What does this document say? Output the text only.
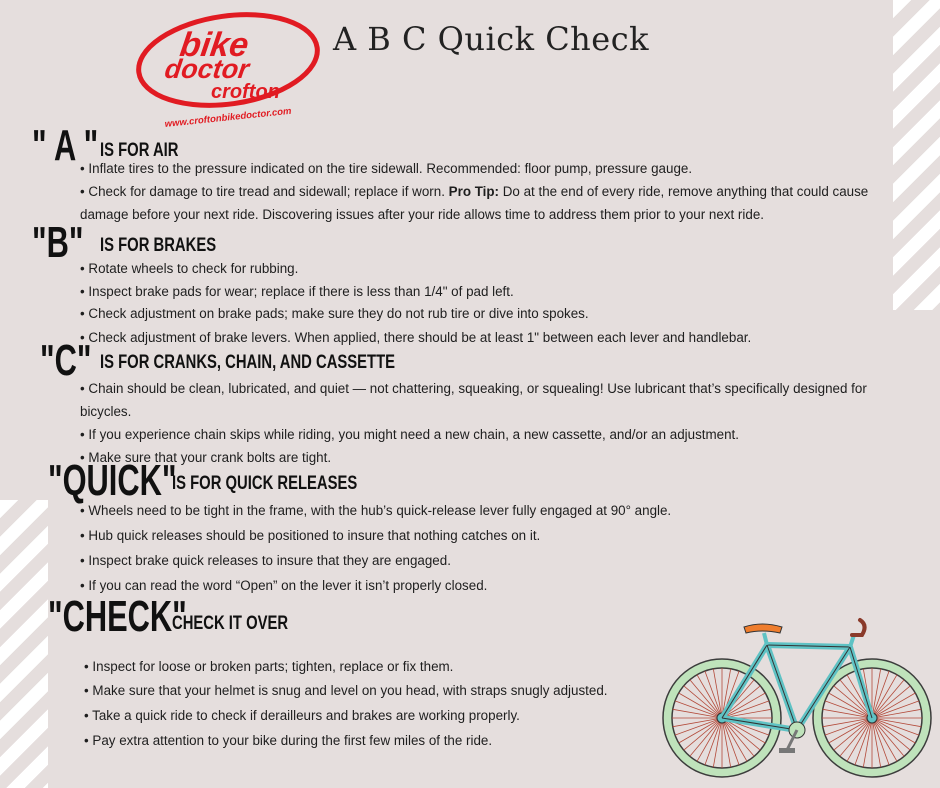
bike
doctor
crofton
www.croftonbikedoctor.com
A B C Quick Check
" A " IS FOR AIR
• Inflate tires to the pressure indicated on the tire sidewall. Recommended: floor pump, pressure gauge.
• Check for damage to tire tread and sidewall; replace if worn. Pro Tip: Do at the end of every ride, remove anything that could cause
damage before your next ride. Discovering issues after your ride allows time to address them prior to your next ride.
"B" IS FOR BRAKES
• Rotate wheels to check for rubbing.
• Inspect brake pads for wear; replace if there is less than 1/4" of pad left.
• Check adjustment on brake pads; make sure they do not rub tire or dive into spokes.
• Check adjustment of brake levers. When applied, there should be at least 1" between each lever and handlebar.
"C" IS FOR CRANKS, CHAIN, AND CASSETTE
• Chain should be clean, lubricated, and quiet — not chattering, squeaking, or squealing! Use lubricant that’s specifically designed for
bicycles.
• If you experience chain skips while riding, you might need a new chain, a new cassette, and/or an adjustment.
• Make sure that your crank bolts are tight.
"QUICK"
IS FOR QUICK RELEASES
• Wheels need to be tight in the frame, with the hub’s quick-release lever fully engaged at 90° angle.
• Hub quick releases should be positioned to insure that nothing catches on it.
• Inspect brake quick releases to insure that they are engaged.
• If you can read the word “Open” on the lever it isn’t properly closed.
"CHECK"
CHECK IT OVER
• Inspect for loose or broken parts; tighten, replace or fix them.
• Make sure that your helmet is snug and level on you head, with straps snugly adjusted.
• Take a quick ride to check if derailleurs and brakes are working properly.
• Pay extra attention to your bike during the first few miles of the ride.
